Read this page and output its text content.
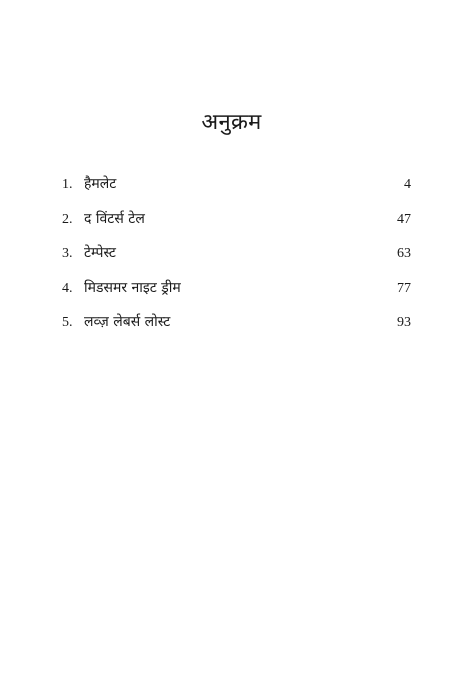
अनुक्रम
1. हैमलेट	4
2. द विंटर्स टेल	47
3. टेम्पेस्ट	63
4. मिडसमर नाइट ड्रीम	77
5. लव्ज़ लेबर्स लोस्ट	93
